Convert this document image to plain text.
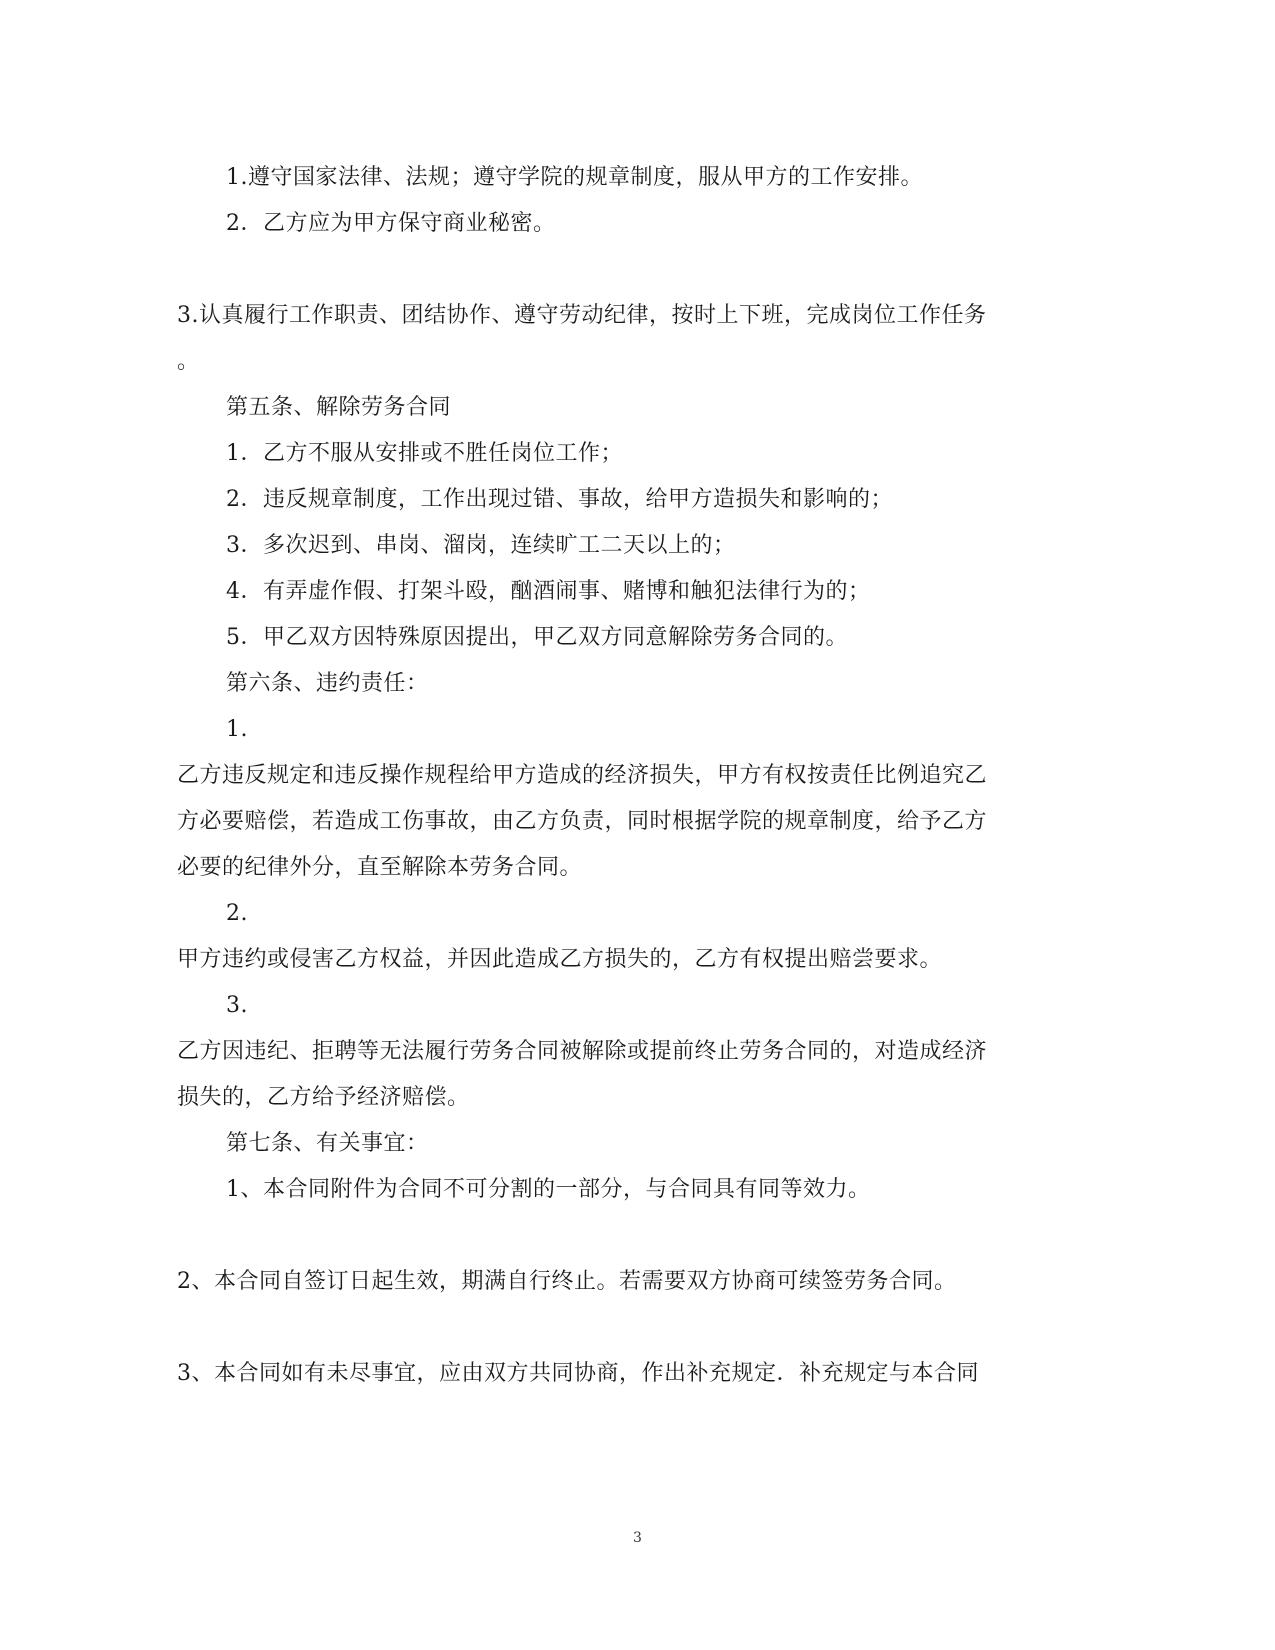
1.遵守国家法律、法规；遵守学院的规章制度，服从甲方的工作安排。
2．乙方应为甲方保守商业秘密。
3.认真履行工作职责、团结协作、遵守劳动纪律，按时上下班，完成岗位工作任务
。
第五条、解除劳务合同
1．乙方不服从安排或不胜任岗位工作；
2．违反规章制度，工作出现过错、事故，给甲方造损失和影响的；
3．多次迟到、串岗、溜岗，连续旷工二天以上的；
4．有弄虚作假、打架斗殴，酗酒闹事、赌博和触犯法律行为的；
5．甲乙双方因特殊原因提出，甲乙双方同意解除劳务合同的。
第六条、违约责任：
1.
乙方违反规定和违反操作规程给甲方造成的经济损失，甲方有权按责任比例追究乙
方必要赔偿，若造成工伤事故，由乙方负责，同时根据学院的规章制度，给予乙方
必要的纪律外分，直至解除本劳务合同。
2.
甲方违约或侵害乙方权益，并因此造成乙方损失的，乙方有权提出赔尝要求。
3.
乙方因违纪、拒聘等无法履行劳务合同被解除或提前终止劳务合同的，对造成经济
损失的，乙方给予经济赔偿。
第七条、有关事宜：
1、本合同附件为合同不可分割的一部分，与合同具有同等效力。
2、本合同自签订日起生效，期满自行终止。若需要双方协商可续签劳务合同。
3、本合同如有未尽事宜，应由双方共同协商，作出补充规定．补充规定与本合同
3
